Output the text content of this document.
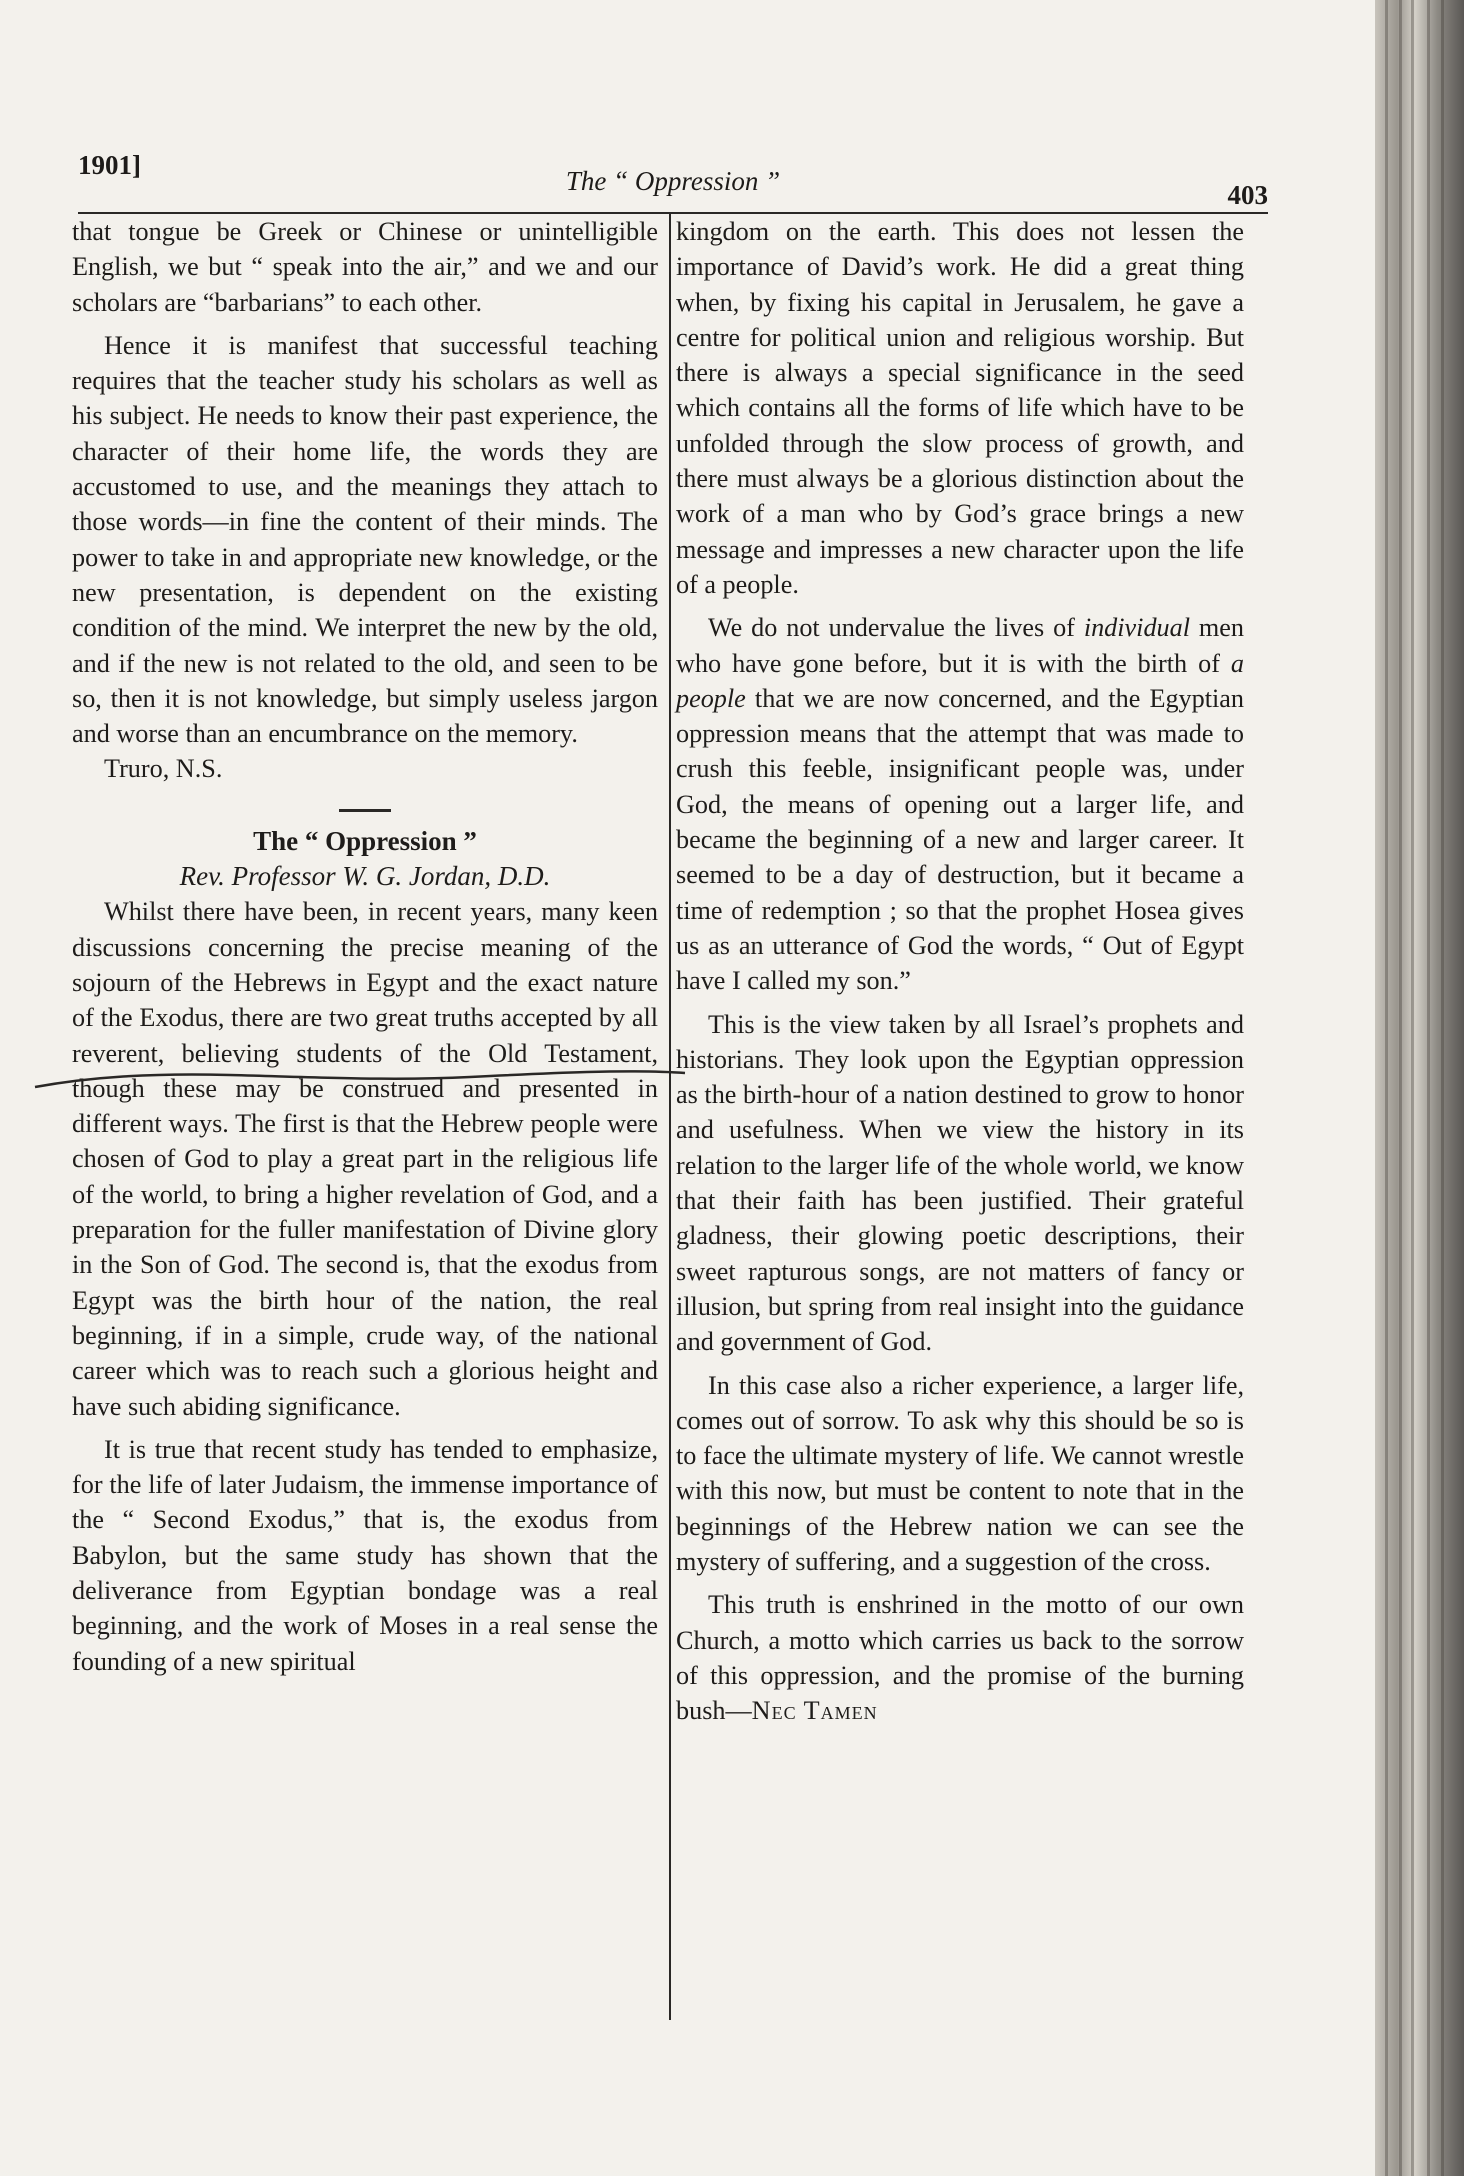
1901]
The “ Oppression ”	403

that tongue be Greek or Chinese or unintelligible English, we but “ speak into the air,” and we and our scholars are “barbarians” to each other.

Hence it is manifest that successful teaching requires that the teacher study his scholars as well as his subject. He needs to know their past experience, the character of their home life, the words they are accustomed to use, and the meanings they attach to those words—in fine the content of their minds. The power to take in and appropriate new knowledge, or the new presentation, is dependent on the existing condition of the mind. We interpret the new by the old, and if the new is not related to the old, and seen to be so, then it is not knowledge, but simply useless jargon and worse than an encumbrance on the memory.

Truro, N.S.

The “ Oppression ”

Rev. Professor W. G. Jordan, D.D.

Whilst there have been, in recent years, many keen discussions concerning the precise meaning of the sojourn of the Hebrews in Egypt and the exact nature of the Exodus, there are two great truths accepted by all reverent, believing students of the Old Testament, though these may be construed and presented in different ways. The first is that the Hebrew people were chosen of God to play a great part in the religious life of the world, to bring a higher revelation of God, and a preparation for the fuller manifestation of Divine glory in the Son of God. The second is, that the exodus from Egypt was the birth hour of the nation, the real beginning, if in a simple, crude way, of the national career which was to reach such a glorious height and have such abiding significance.

It is true that recent study has tended to emphasize, for the life of later Judaism, the immense importance of the “ Second Exodus,” that is, the exodus from Babylon, but the same study has shown that the deliverance from Egyptian bondage was a real beginning, and the work of Moses in a real sense the founding of a new spiritual

kingdom on the earth. This does not lessen the importance of David’s work. He did a great thing when, by fixing his capital in Jerusalem, he gave a centre for political union and religious worship. But there is always a special significance in the seed which contains all the forms of life which have to be unfolded through the slow process of growth, and there must always be a glorious distinction about the work of a man who by God’s grace brings a new message and impresses a new character upon the life of a people.

We do not undervalue the lives of individual men who have gone before, but it is with the birth of a people that we are now concerned, and the Egyptian oppression means that the attempt that was made to crush this feeble, insignificant people was, under God, the means of opening out a larger life, and became the beginning of a new and larger career. It seemed to be a day of destruction, but it became a time of redemption ; so that the prophet Hosea gives us as an utterance of God the words, “ Out of Egypt have I called my son.”

This is the view taken by all Israel’s prophets and historians. They look upon the Egyptian oppression as the birth-hour of a nation destined to grow to honor and usefulness. When we view the history in its relation to the larger life of the whole world, we know that their faith has been justified. Their grateful gladness, their glowing poetic descriptions, their sweet rapturous songs, are not matters of fancy or illusion, but spring from real insight into the guidance and government of God.

In this case also a richer experience, a larger life, comes out of sorrow. To ask why this should be so is to face the ultimate mystery of life. We cannot wrestle with this now, but must be content to note that in the beginnings of the Hebrew nation we can see the mystery of suffering, and a suggestion of the cross.

This truth is enshrined in the motto of our own Church, a motto which carries us back to the sorrow of this oppression, and the promise of the burning bush—Nec Tamen
